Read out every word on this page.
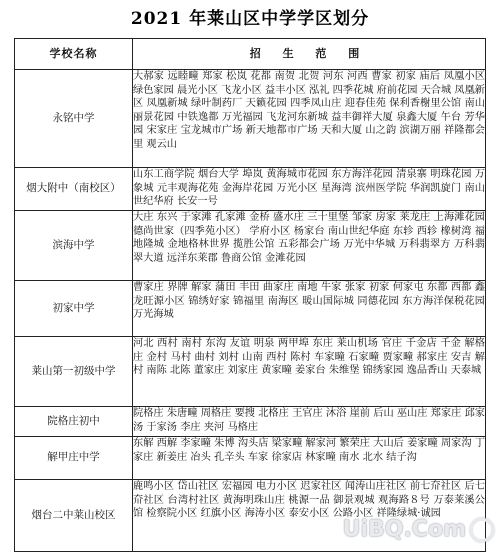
2021 年莱山区中学学区划分
学校名称	招 生 范 围
永铭中学	大郝家 远睦疃 郑家 松岚 花都 南贺 北贺 河东 河西 曹家 初家 庙后 凤凰小区 绿色家园 晨光小区 飞龙小区 益丰小区 泓礼 四季花城 府前花园 天合城 凤凰新区 凤凰新城 绿叶制药厂 天籁花园 四季凤山庄 迎春佳苑 保利香榭里公馆 南山丽景花园 中铁逸都 万光福园 飞龙河东新城 益丰御祥大厦 泉鑫大厦 午台 芳华园 宋家庄 宝龙城市广场 新天地都市广场 天和大厦 山之韵 滨湖万丽 祥隆都会里 观云山
烟大附中（南校区）	山东工商学院 烟台大学 埠岚 黄海城市花园 东方海洋花园 清泉寨 明珠花园 万象城 元丰观海花苑 金海岸花园 万光小区 星海湾 滨州医学院 华润凯旋门 南山世纪华府 长安一号
滨海中学	大庄 东兴 于家滩 孔家滩 金桥 盛水庄 三十里堡 邹家 房家 莱龙庄 上海滩花园 德尚世家（四季苑小区） 学府小区 杨家台 南山世纪华庭 东轸 西轸 橡树湾 福地隆城 金地格林世界 揽胜公馆 五彩都会广场 万光中华城 万科翡翠方 万科翡翠大道 远洋东莱郡 鲁商公馆 金滩花园
初家中学	曹家庄 界牌 解家 蒲田 丰田 曲家庄 南地 牛家 张家 初家 何家屯 东都 西都 鑫龙旺源小区 锦绣好家 锦福里 南海区 暖山国际城 同德花园 东方海洋保税花园 万光海城
莱山第一初级中学	河北 西村 南村 东沟 友谊 明泉 两甲埠 东庄 莱山机场 官庄 千金店 千金 解格庄 金村 马村 曲村 刘村 山南 西村 陈村 车家疃 石家疃 贾家疃 郝家庄 安吉 解村 南陈 北陈 董家庄 刘家庄 黄家疃 姜家台 朱维堡 锦绣家园 逸品香山 天泰城
院格庄初中	院格庄 朱唐疃 周格庄 要搜 北格庄 王官庄 沐浴 崖前 后山 巫山庄 郑家庄 邱家汤 于家汤 李庄 夹河 马格庄
解甲庄中学	东解 西解 李家疃 朱博 沟头店 梁家疃 解家河 繁荣庄 大山后 姜家疃 周家沟 丁家庄 新姜庄 冶头 孔辛头 车家 徐家店 林家疃 南水 北水 结子沟
烟台二中莱山校区	鹿鸣小区 岱山社区 宏福园 电力小区 迟家社区 闻涛山庄社区 前七夼社区 后七夼社区 台湾村社区 黄海明珠山庄 桃源一品 御景观城 观海路８号 万泰莱溪公馆 检察院小区 红旗小区 海涛小区 泰安小区 公路小区 祥隆绿城·诚园
UiBQ.Com
